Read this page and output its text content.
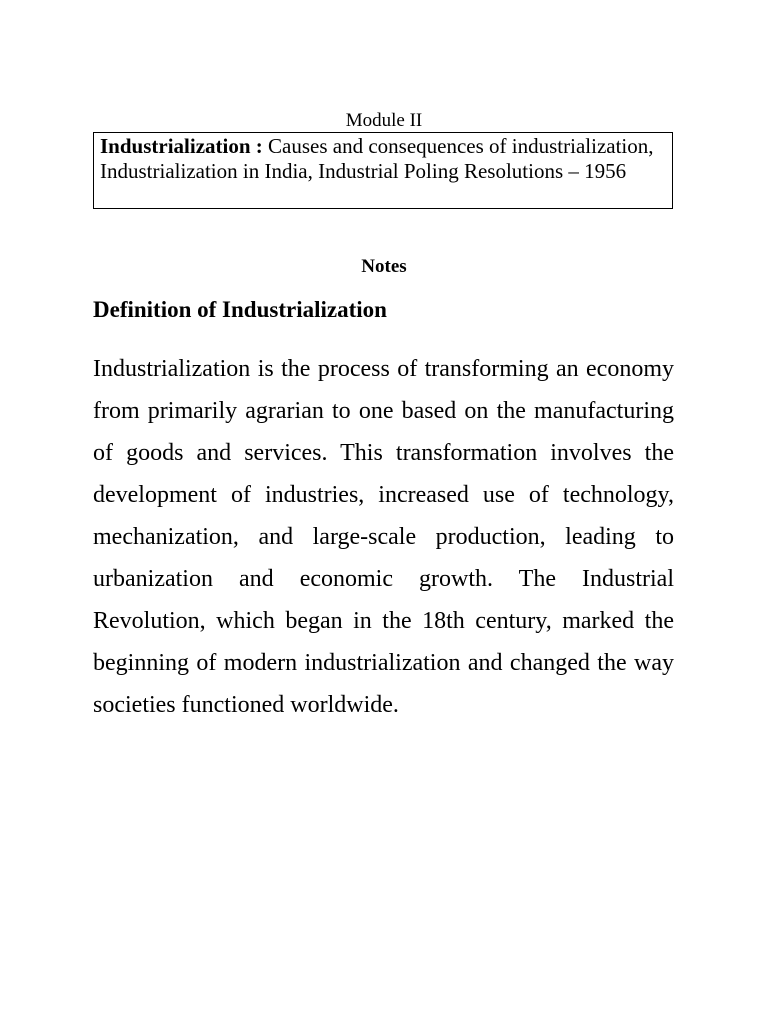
Module II
Industrialization : Causes and consequences of industrialization, Industrialization in India, Industrial Poling Resolutions – 1956
Notes
Definition of Industrialization

Industrialization is the process of transforming an economy from primarily agrarian to one based on the manufacturing of goods and services. This transformation involves the development of industries, increased use of technology, mechanization, and large-scale production, leading to urbanization and economic growth. The Industrial Revolution, which began in the 18th century, marked the beginning of modern industrialization and changed the way societies functioned worldwide.
